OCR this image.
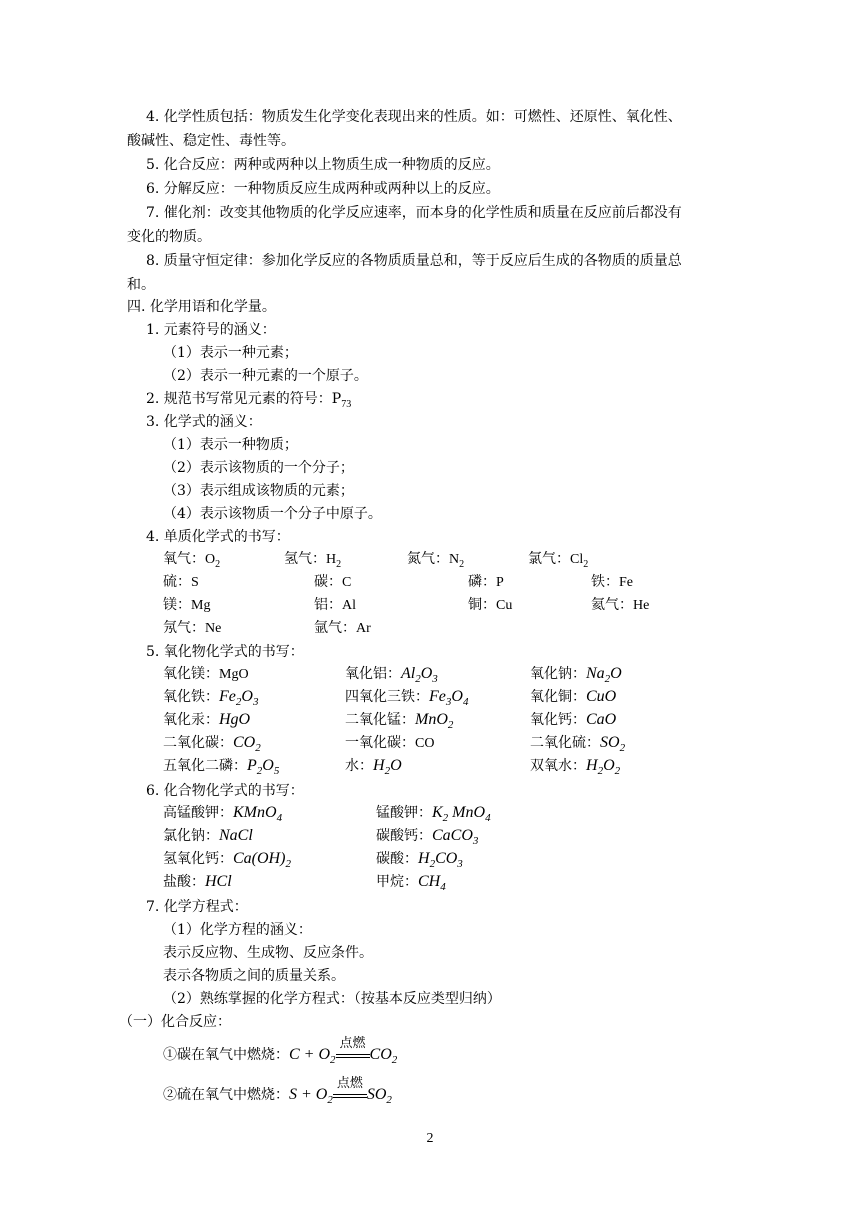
4. 化学性质包括：物质发生化学变化表现出来的性质。如：可燃性、还原性、氧化性、
酸碱性、稳定性、毒性等。
5. 化合反应：两种或两种以上物质生成一种物质的反应。
6. 分解反应：一种物质反应生成两种或两种以上的反应。
7. 催化剂：改变其他物质的化学反应速率，而本身的化学性质和质量在反应前后都没有
变化的物质。
8. 质量守恒定律：参加化学反应的各物质质量总和，等于反应后生成的各物质的质量总
和。
四. 化学用语和化学量。
1. 元素符号的涵义：
（1）表示一种元素；
（2）表示一种元素的一个原子。
2. 规范书写常见元素的符号：$P_{73}$
3. 化学式的涵义：
（1）表示一种物质；
（2）表示该物质的一个分子；
（3）表示组成该物质的元素；
（4）表示该物质一个分子中原子。
4. 单质化学式的书写：
氧气：$O_2$	氢气：$H_2$	氮气：$N_2$	氯气：$Cl_2$
硫：S	碳：C	磷：P	铁：Fe
镁：Mg	铝：Al	铜：Cu	氦气：He
氖气：Ne	氩气：Ar
5. 氧化物化学式的书写：
氧化镁：MgO	氧化铝：$Al_2O_3$	氧化钠：$Na_2O$
氧化铁：$Fe_2O_3$	四氧化三铁：$Fe_3O_4$	氧化铜：CuO
氧化汞：HgO	二氧化锰：MnO$_2$	氧化钙：CaO
二氧化碳：$CO_2$	一氧化碳：CO	二氧化硫：$SO_2$
五氧化二磷：$P_2O_5$	水：$H_2O$	双氧水：$H_2O_2$
6. 化合物化学式的书写：
高锰酸钾：KMnO$_4$	锰酸钾：$K_2$ MnO$_4$
氯化钠：NaCl	碳酸钙：CaCO$_3$
氢氧化钙：$Ca(OH)_2$	碳酸：$H_2CO_3$
盐酸：HCl	甲烷：$CH_4$
7. 化学方程式：
（1）化学方程的涵义：
表示反应物、生成物、反应条件。
表示各物质之间的质量关系。
（2）熟练掌握的化学方程式：（按基本反应类型归纳）
（一）化合反应：
①碳在氧气中燃烧：$C + O_2$
点燃
$CO_2$
②硫在氧气中燃烧：$S + O_2$
点燃
$SO_2$
2
